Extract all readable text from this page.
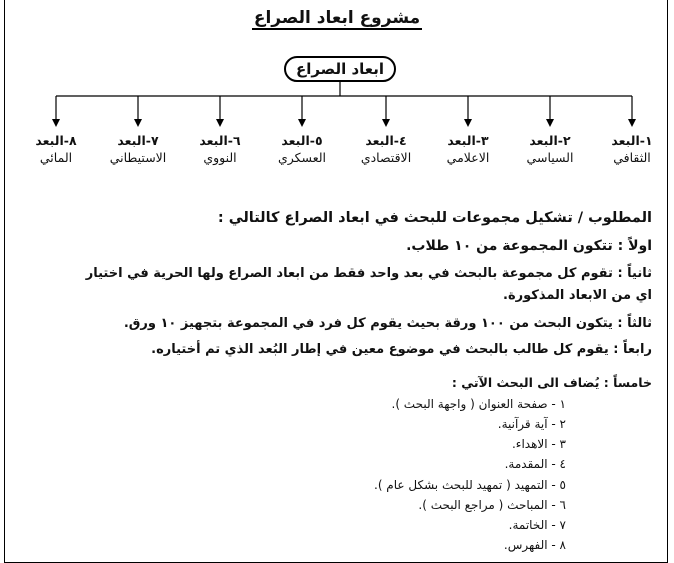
مشروع ابعاد الصراع
ابعاد الصراع
١-البعد
الثقافي
٢-البعد
السياسي
٣-البعد
الاعلامي
٤-البعد
الاقتصادي
٥-البعد
العسكري
٦-البعد
النووي
٧-البعد
الاستيطاني
٨-البعد
المائي
المطلوب / تشكيل مجموعات للبحث في ابعاد الصراع كالتالي :
اولاً : تتكون المجموعة من ١٠ طلاب.
ثانياً : تقوم كل مجموعة بالبحث في بعد واحد فقط من ابعاد الصراع ولها الحرية في اختيار
اي من الابعاد المذكورة.
ثالثاً : يتكون البحث من ١٠٠ ورقة بحيث يقوم كل فرد في المجموعة بتجهيز ١٠ ورق.
رابعاً : يقوم كل طالب بالبحث في موضوع معين في إطار البُعد الذي تم أختياره.
خامساً : يُضاف الى البحث الآتي :
١ - صفحة العنوان ( واجهة البحث ).
٢ - آية قرآنية.
٣ - الاهداء.
٤ - المقدمة.
٥ - التمهيد ( تمهيد للبحث بشكل عام ).
٦ - المباحث ( مراجع البحث ).
٧ - الخاتمة.
٨ - الفهرس.
